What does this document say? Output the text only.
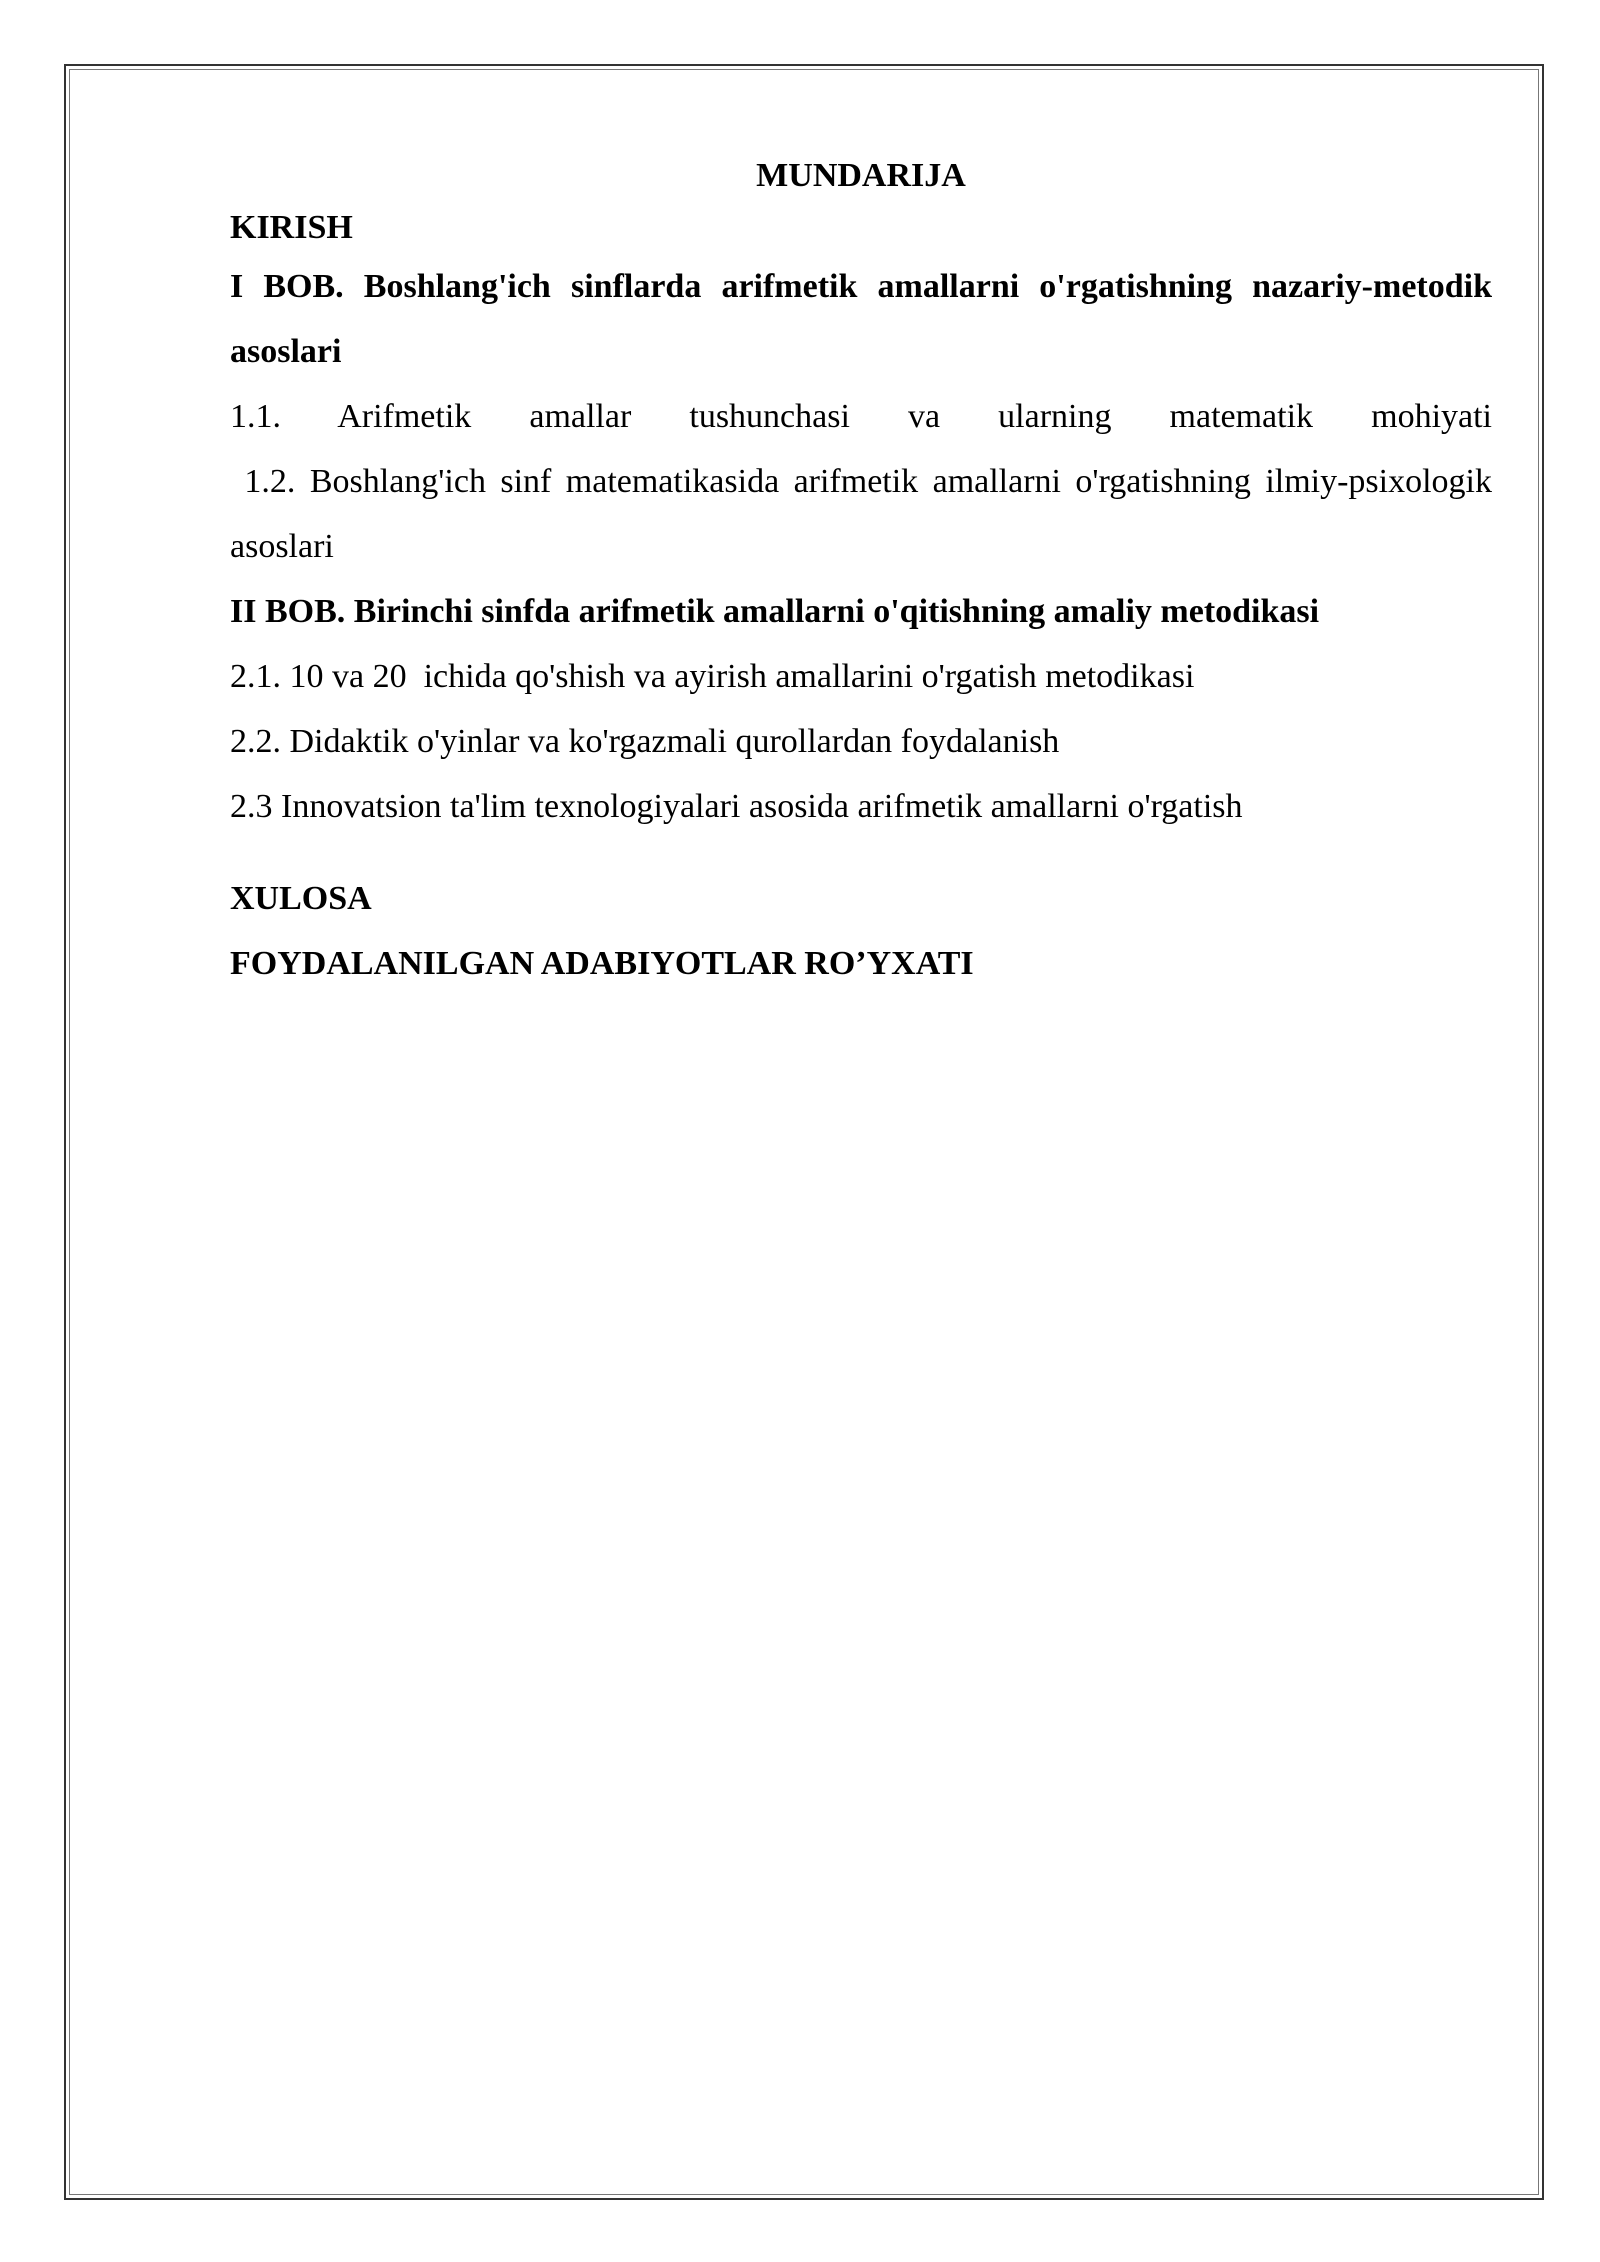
MUNDARIJA

KIRISH

I BOB. Boshlang'ich sinflarda arifmetik amallarni o'rgatishning nazariy-metodik asoslari

1.1. Arifmetik amallar tushunchasi va ularning matematik mohiyati

1.2. Boshlang'ich sinf matematikasida arifmetik amallarni o'rgatishning ilmiy-psixologik asoslari

II BOB. Birinchi sinfda arifmetik amallarni o'qitishning amaliy metodikasi

2.1. 10 va 20  ichida qo'shish va ayirish amallarini o'rgatish metodikasi

2.2. Didaktik o'yinlar va ko'rgazmali qurollardan foydalanish

2.3 Innovatsion ta'lim texnologiyalari asosida arifmetik amallarni o'rgatish

XULOSA

FOYDALANILGAN ADABIYOTLAR RO’YXATI
